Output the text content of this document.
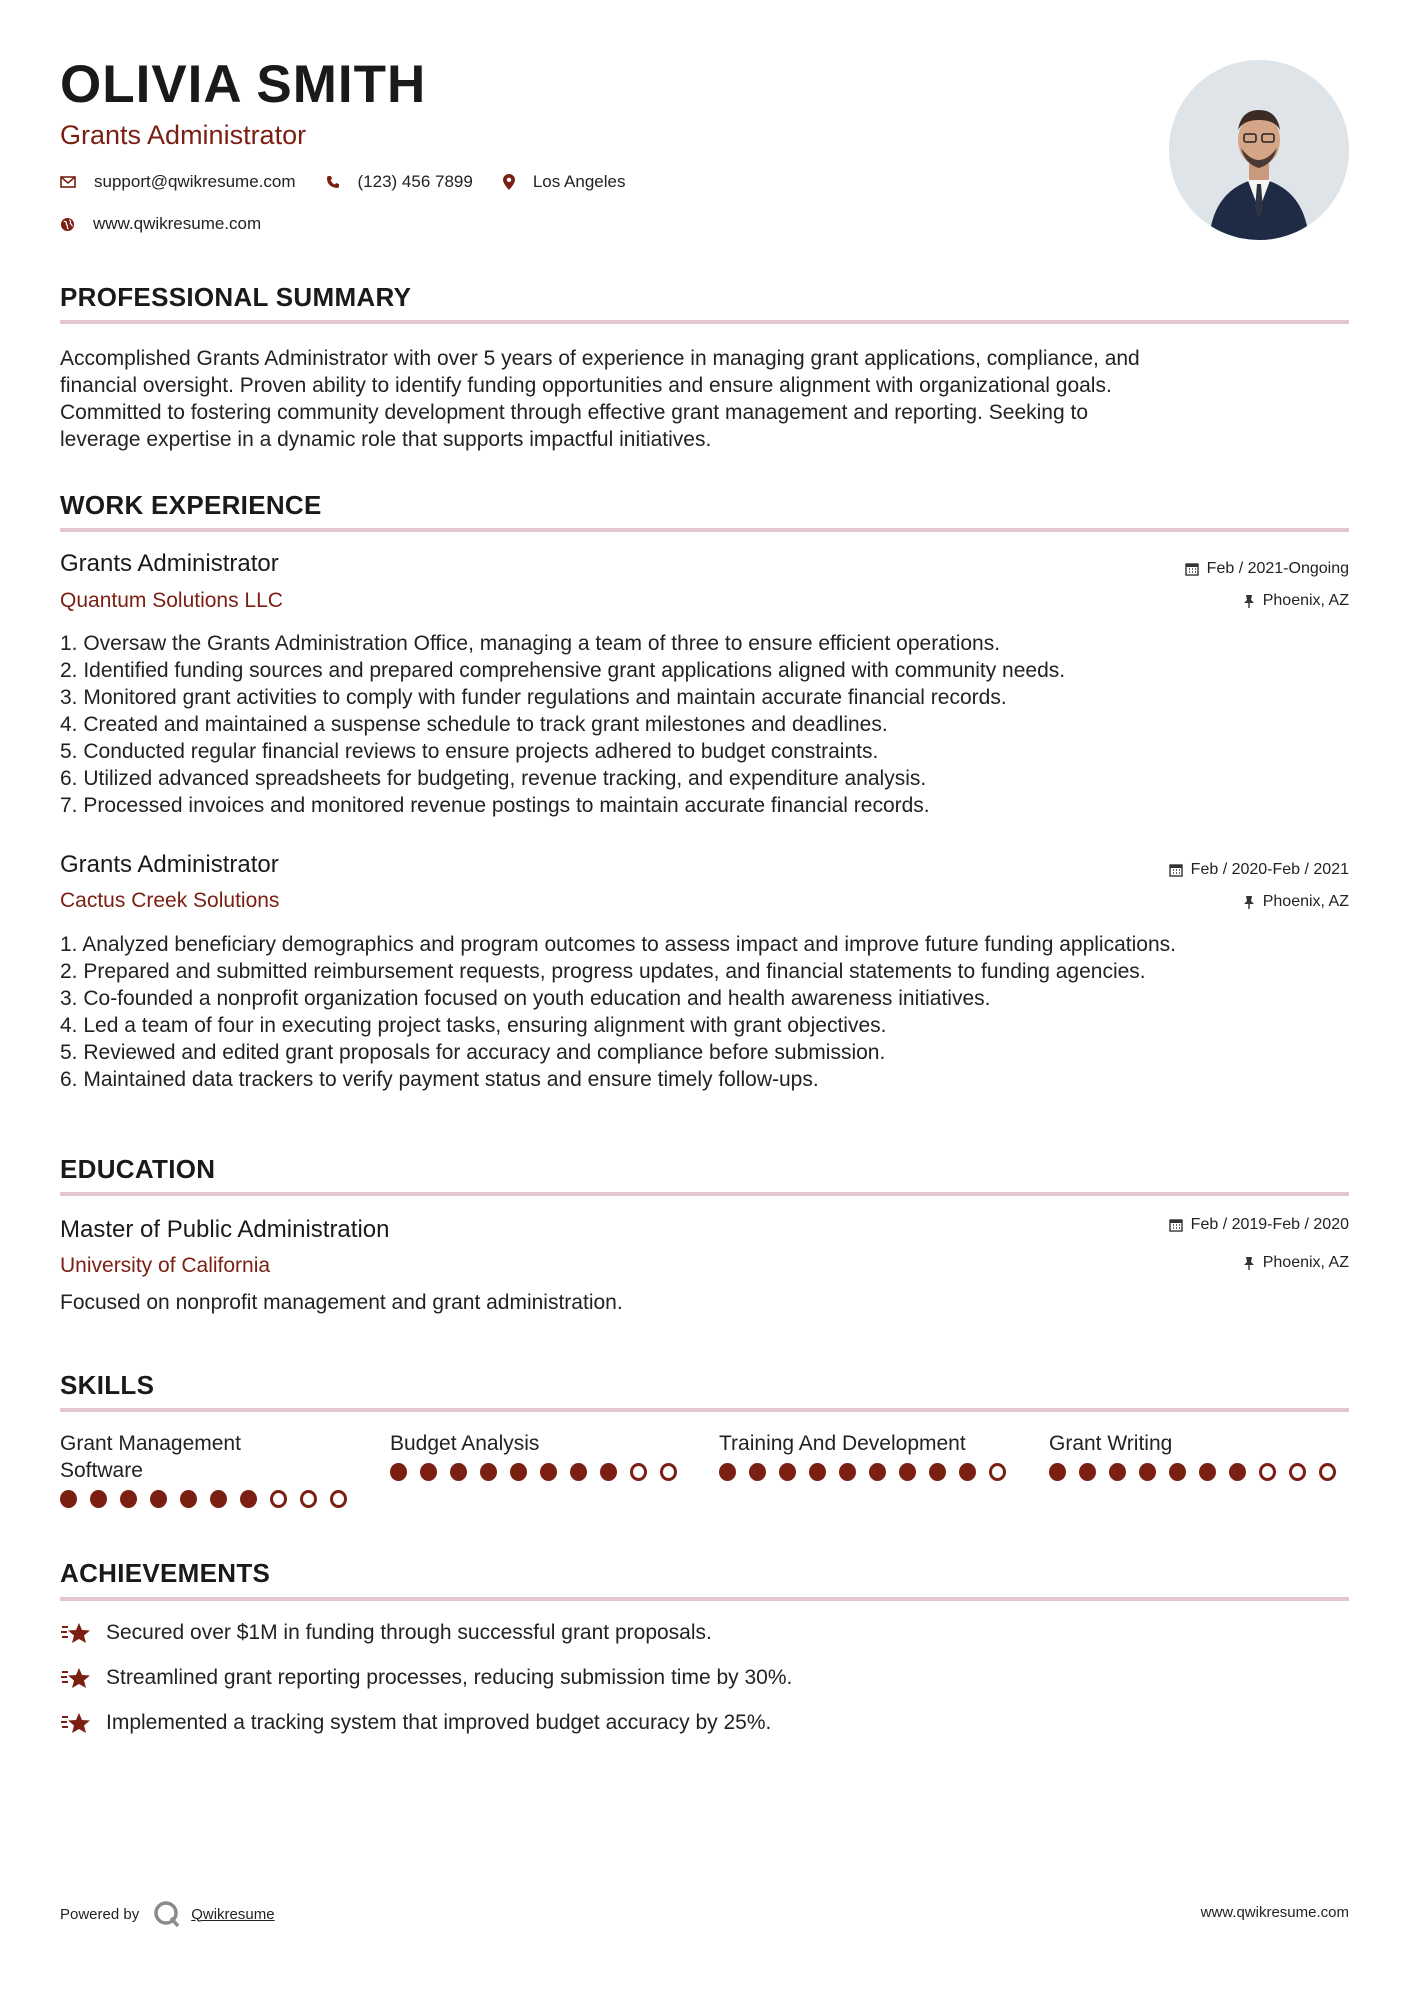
OLIVIA SMITH
Grants Administrator
support@qwikresume.com	(123) 456 7899	Los Angeles
www.qwikresume.com
PROFESSIONAL SUMMARY
Accomplished Grants Administrator with over 5 years of experience in managing grant applications, compliance, and
financial oversight. Proven ability to identify funding opportunities and ensure alignment with organizational goals.
Committed to fostering community development through effective grant management and reporting. Seeking to
leverage expertise in a dynamic role that supports impactful initiatives.
WORK EXPERIENCE
Grants Administrator
Quantum Solutions LLC
Feb / 2021-Ongoing
Phoenix, AZ
1. Oversaw the Grants Administration Office, managing a team of three to ensure efficient operations.
2. Identified funding sources and prepared comprehensive grant applications aligned with community needs.
3. Monitored grant activities to comply with funder regulations and maintain accurate financial records.
4. Created and maintained a suspense schedule to track grant milestones and deadlines.
5. Conducted regular financial reviews to ensure projects adhered to budget constraints.
6. Utilized advanced spreadsheets for budgeting, revenue tracking, and expenditure analysis.
7. Processed invoices and monitored revenue postings to maintain accurate financial records.
Grants Administrator
Cactus Creek Solutions
Feb / 2020-Feb / 2021
Phoenix, AZ
1. Analyzed beneficiary demographics and program outcomes to assess impact and improve future funding applications.
2. Prepared and submitted reimbursement requests, progress updates, and financial statements to funding agencies.
3. Co-founded a nonprofit organization focused on youth education and health awareness initiatives.
4. Led a team of four in executing project tasks, ensuring alignment with grant objectives.
5. Reviewed and edited grant proposals for accuracy and compliance before submission.
6. Maintained data trackers to verify payment status and ensure timely follow-ups.
EDUCATION
Master of Public Administration
University of California
Feb / 2019-Feb / 2020
Phoenix, AZ
Focused on nonprofit management and grant administration.
SKILLS
Grant Management
Software
Budget Analysis	Training And Development	Grant Writing
ACHIEVEMENTS
Secured over $1M in funding through successful grant proposals.
Streamlined grant reporting processes, reducing submission time by 30%.
Implemented a tracking system that improved budget accuracy by 25%.
Powered by	Qwikresume	www.qwikresume.com
